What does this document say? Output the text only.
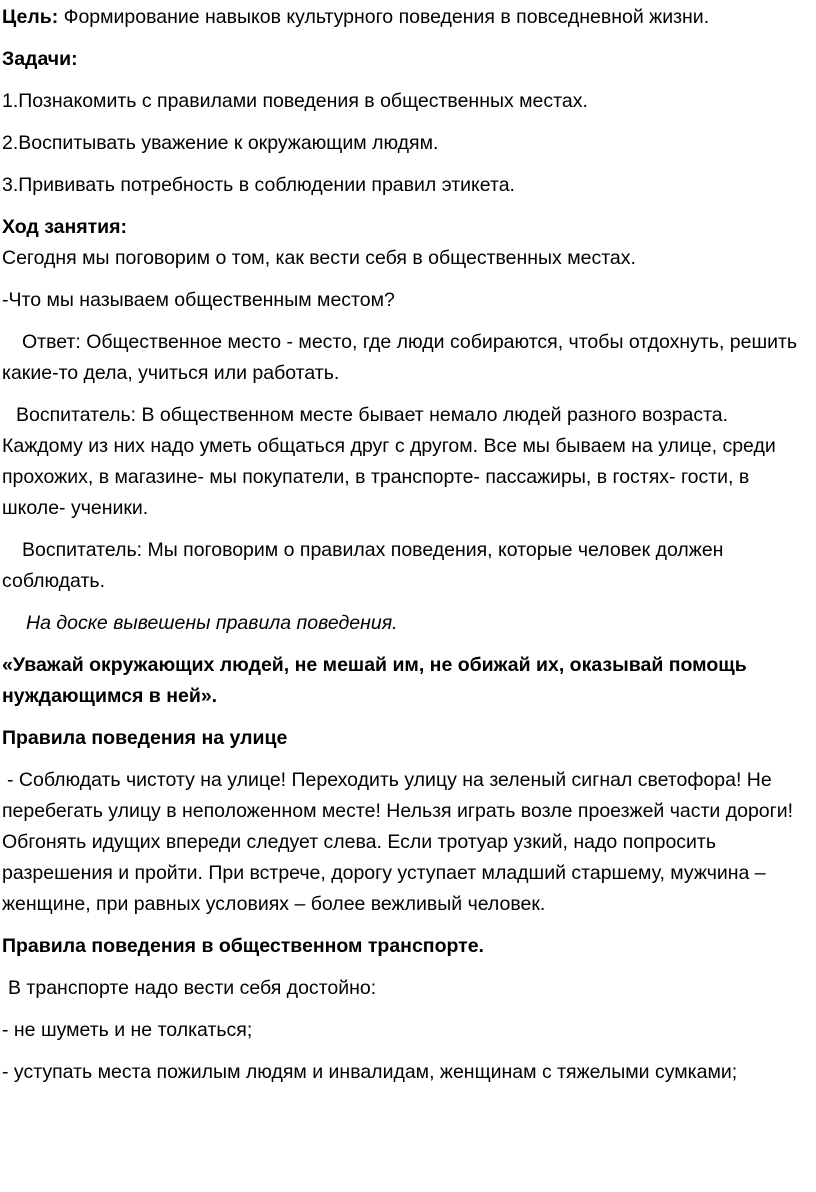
Цель: Формирование навыков культурного поведения в повседневной жизни.

Задачи:

1.Познакомить с правилами поведения в общественных местах.

2.Воспитывать уважение к окружающим людям.

3.Прививать потребность в соблюдении правил этикета.

Ход занятия:

Сегодня мы поговорим о том, как вести себя в общественных местах.

-Что мы называем общественным местом?

Ответ: Общественное место - место, где люди собираются, чтобы отдохнуть, решить какие-то дела, учиться или работать.

Воспитатель: В общественном месте бывает немало людей разного возраста. Каждому из них надо уметь общаться друг с другом. Все мы бываем на улице, среди прохожих, в магазине- мы покупатели, в транспорте- пассажиры, в гостях- гости, в школе- ученики.

Воспитатель: Мы поговорим о правилах поведения, которые человек должен соблюдать.

На доске вывешены правила поведения.

«Уважай окружающих людей, не мешай им, не обижай их, оказывай помощь нуждающимся в ней».

Правила поведения на улице

- Соблюдать чистоту на улице! Переходить улицу на зеленый сигнал светофора! Не перебегать улицу в неположенном месте! Нельзя играть возле проезжей части дороги! Обгонять идущих впереди следует слева. Если тротуар узкий, надо попросить разрешения и пройти. При встрече, дорогу уступает младший старшему, мужчина – женщине, при равных условиях – более вежливый человек.

Правила поведения в общественном транспорте.

В транспорте надо вести себя достойно:

- не шуметь и не толкаться;

- уступать места пожилым людям и инвалидам, женщинам с тяжелыми сумками;
